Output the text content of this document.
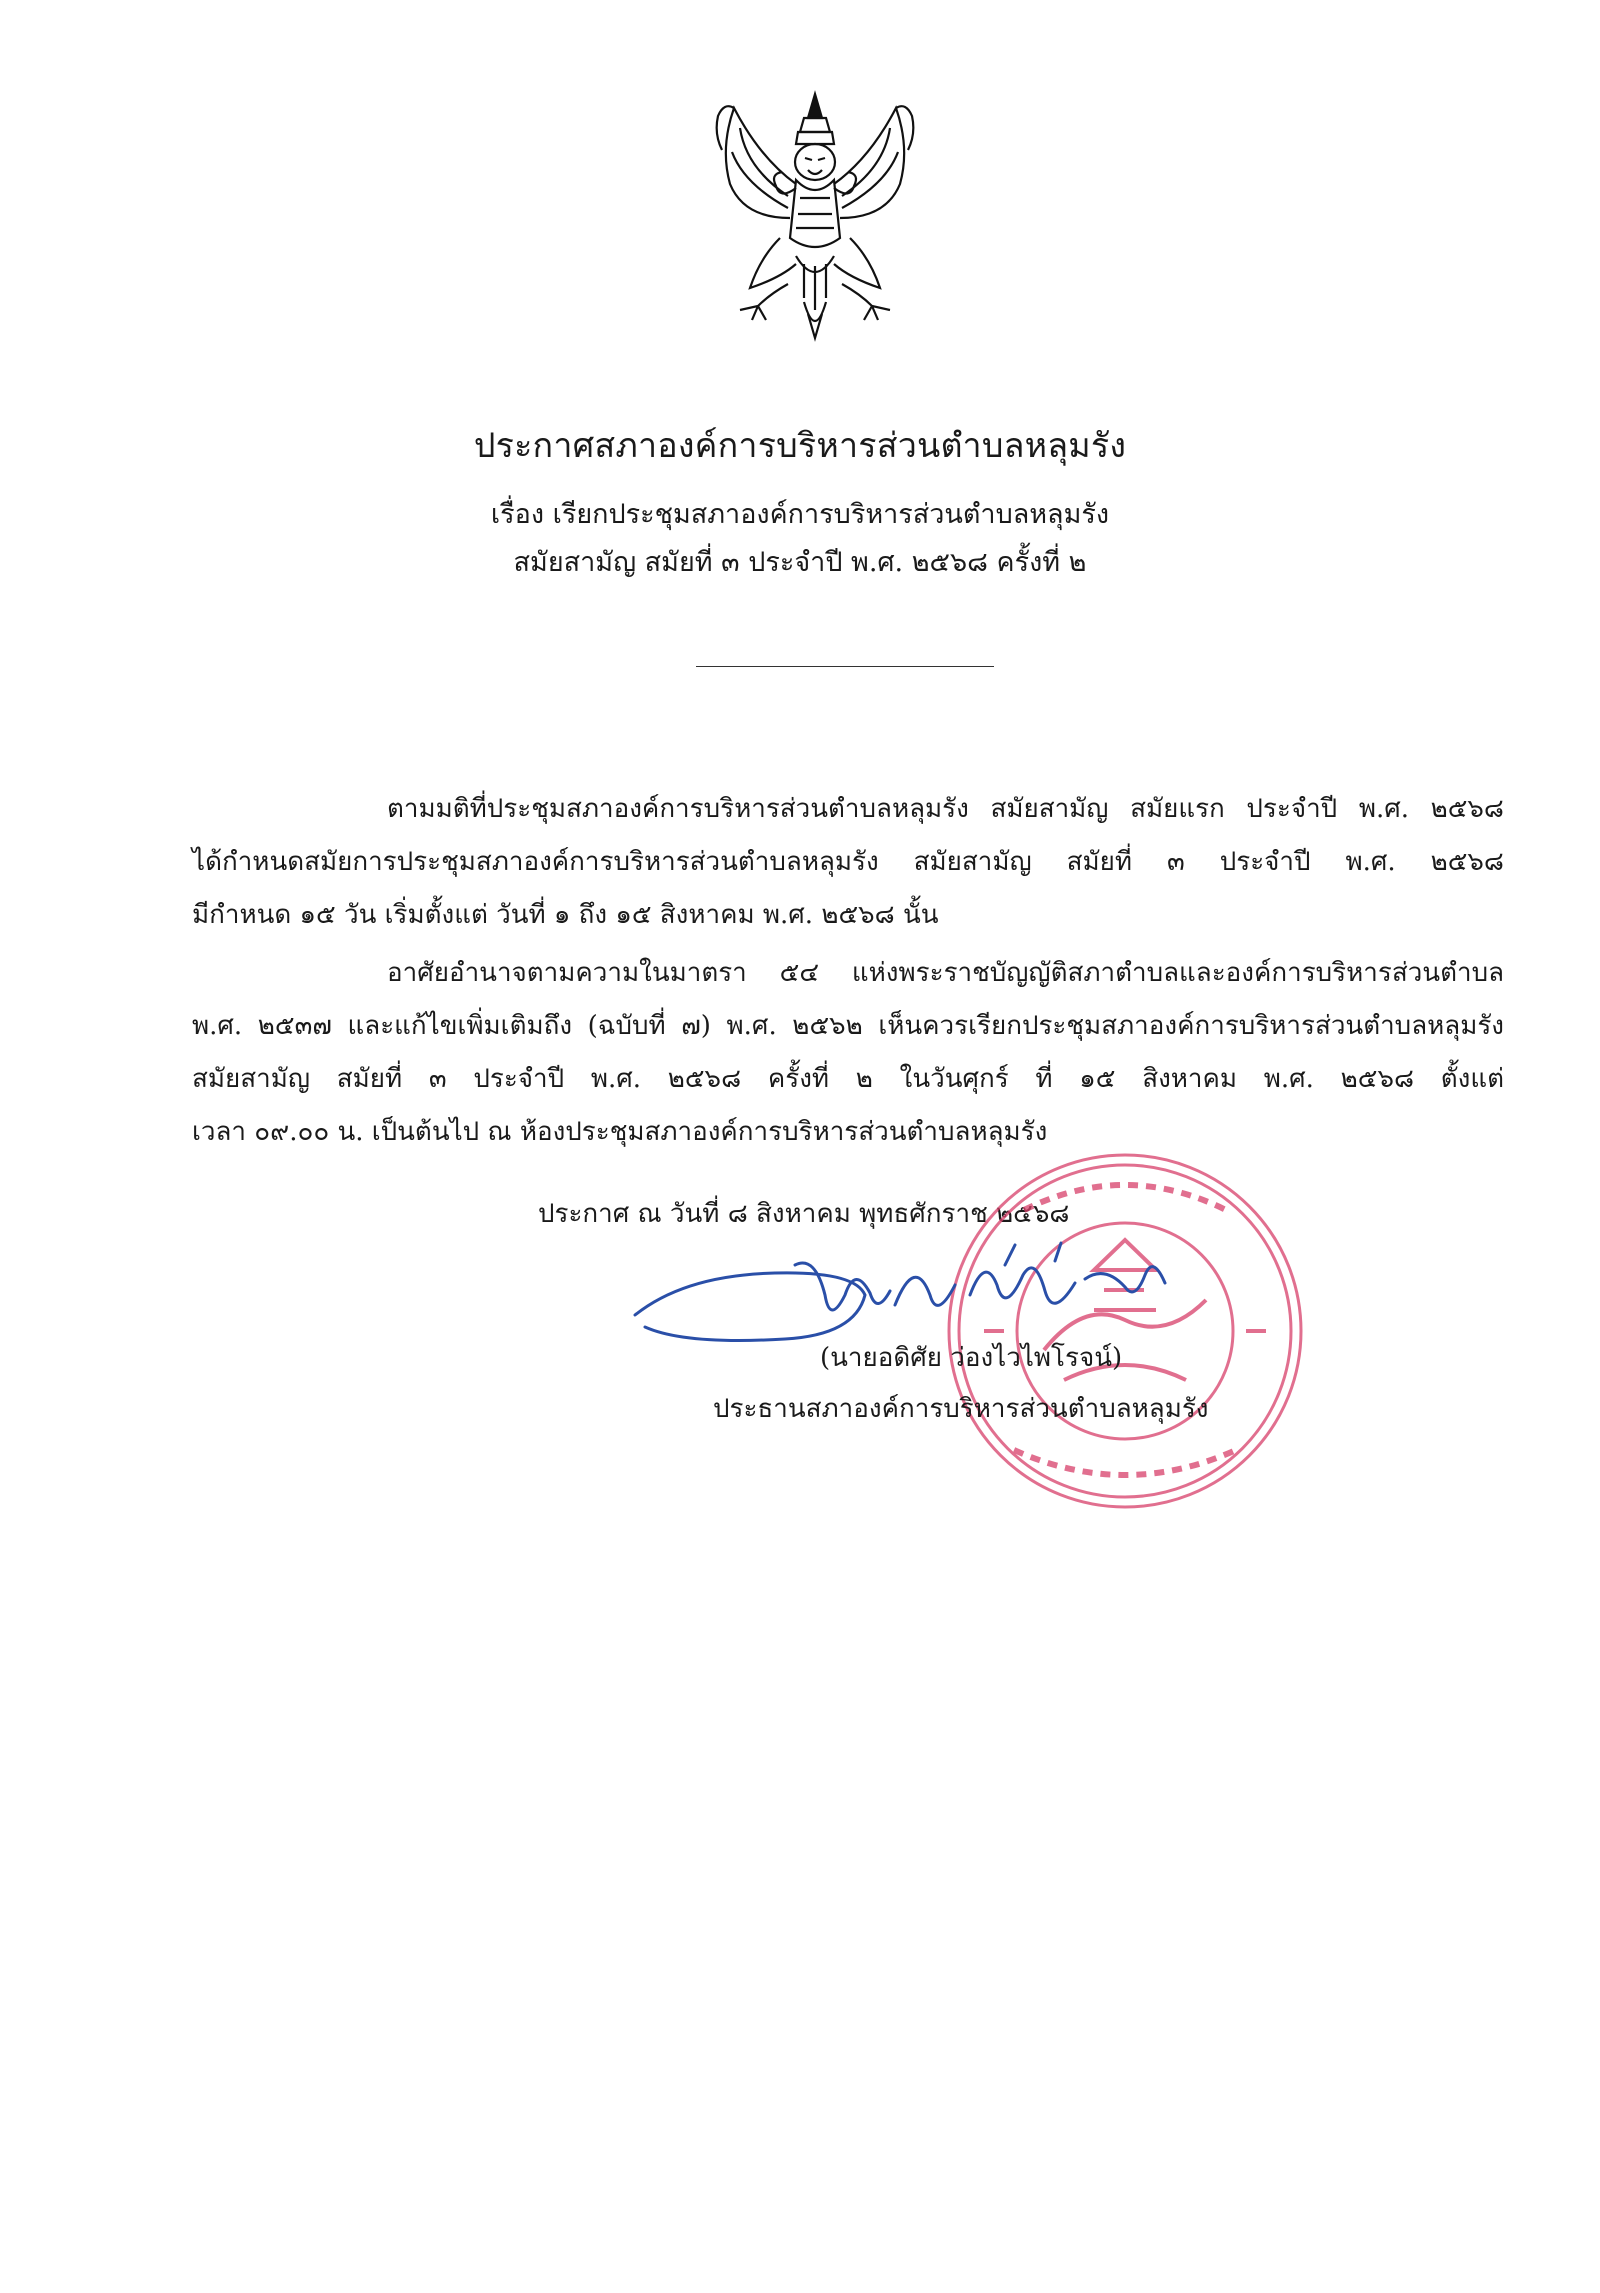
ประกาศสภาองค์การบริหารส่วนตำบลหลุมรัง
เรื่อง เรียกประชุมสภาองค์การบริหารส่วนตำบลหลุมรัง
สมัยสามัญ สมัยที่ ๓ ประจำปี พ.ศ. ๒๕๖๘ ครั้งที่ ๒
ตามมติที่ประชุมสภาองค์การบริหารส่วนตำบลหลุมรัง สมัยสามัญ สมัยแรก ประจำปี พ.ศ. ๒๕๖๘
ได้กำหนดสมัยการประชุมสภาองค์การบริหารส่วนตำบลหลุมรัง สมัยสามัญ สมัยที่ ๓ ประจำปี พ.ศ. ๒๕๖๘
มีกำหนด ๑๕ วัน เริ่มตั้งแต่ วันที่ ๑ ถึง ๑๕ สิงหาคม พ.ศ. ๒๕๖๘ นั้น
อาศัยอำนาจตามความในมาตรา ๕๔ แห่งพระราชบัญญัติสภาตำบลและองค์การบริหารส่วนตำบล
พ.ศ. ๒๕๓๗ และแก้ไขเพิ่มเติมถึง (ฉบับที่ ๗) พ.ศ. ๒๕๖๒ เห็นควรเรียกประชุมสภาองค์การบริหารส่วนตำบลหลุมรัง
สมัยสามัญ สมัยที่ ๓ ประจำปี พ.ศ. ๒๕๖๘ ครั้งที่ ๒ ในวันศุกร์ ที่ ๑๕ สิงหาคม พ.ศ. ๒๕๖๘ ตั้งแต่
เวลา ๐๙.๐๐ น. เป็นต้นไป ณ ห้องประชุมสภาองค์การบริหารส่วนตำบลหลุมรัง
ประกาศ ณ วันที่ ๘ สิงหาคม พุทธศักราช ๒๕๖๘
(นายอดิศัย ว่องไวไพโรจน์)
ประธานสภาองค์การบริหารส่วนตำบลหลุมรัง
